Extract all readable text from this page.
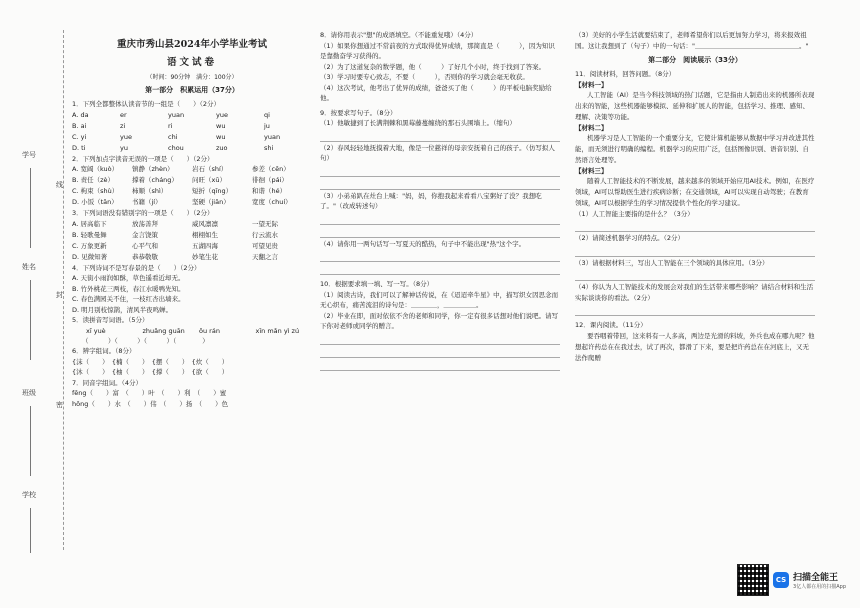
学号
姓名
班级
学校
线
封
密
重庆市秀山县2024年小学毕业考试
语文试卷
（时间：90分钟　满分：100分）
第一部分　积累运用（37分）

1．下列全都整体认读音节的一组是（　　）（2分）

A. da	er	yuan	yue	qi
B. ai	zi	ri	wu	ju
C. yi	yue	chi	wu	yuan
D. ti	yu	chou	zuo	shi

2．下列加点字读音无误的一项是（　　）（2分）

A. 宽阔（kuò）	镇静（zhèn）	岩石（shí）	参差（cēn）
B. 责任（zè）	撑着（cháng）	问旺（xū）	徘徊（pái）
C. 枸束（shù）	柿顺（shì）	短折（qīng）	和谐（hé）
D. 小饭（tān）	书籍（jí）	坚硬（jiān）	宽度（chuí）

3．下列词语没有错别字的一项是（　　）（2分）

A. 居高临下	放荡善拜	威风凛凛	一望无际
B. 轻歌曼舞	金言饶策	栩栩如生	行云流水
C. 万象更新	心平气和	五湖四海	可望见贵
D. 见微知著	恭恭敬敬	妙笔生花	天翻之言

4．下列诗词不是写春景的是（　　）（2分）

A. 天街小雨润如酥，草色遥看近却无。

B. 竹外桃花三两枝，春江水暖鸭先知。

C. 春色满园关不住，一枝红杏出墙来。

D. 明月别枝惊鹊，清风半夜鸣蝉。

5．读拼音写词语。（5分）

xī yuè	zhuǎng guān	ōu rán	xīn mǎn yì zú

（　　　）（　　　）（　　　）（　　　　）

6．辨字组词。（8分）

{沫（　　）　{楠（　　）　{摆（　　）　{炊（　　）

{沐（　　）　{柚（　　）　{撑（　　）　{欲（　　）

7．同音字组词。（4分）

fēng（　　）富　（　　）叶　（　　）利　（　　）蜜

hōng（　　）水　（　　）伟　（　　）扬　（　　）色

8．请你用表示"想"的成语填空。（不能重复哦）（4分）

（1）如果你想通过不常前夜的方式取得优异成绩，那简直是（　　　），因为知识是靠勤奋学习获得的。

（2）为了这道复杂的数学题，他（　　　）了好几个小时，终于找到了答案。

（3）学习时要专心致志，不要（　　　），否则你的学习就会毫无收获。

（4）这次考试，他考出了优异的成绩，爸爸买了他（　　　）的平板电脑奖励给他。

9．按要求写句子。（8分）

（1）他敏捷到了长满荆棘和黑莓藤蔓缠绕的那石头围墙上。（缩句）

（2）春风轻轻地抚摸着大地，像是一位慈祥的母亲安抚着自己的孩子。（仿写拟人句）

（3）小弟弟趴在灶台上喊："妈，妈，你抱我起来看看八宝粥好了没？我想吃了。"（改成转述句）

（4）请你用一两句话写一写夏天的酷热，句子中不能出现"热"这个字。

10．根据要求填一填、写一写。（8分）

（1）阅读古诗，我们可以了解神话传说，在《迢迢牵牛星》中，描写织女因思念而无心织布，痛苦流泪的诗句是：＿＿＿＿，＿＿＿＿＿。

（2）毕业在即，面对依依不舍的老师和同学，你一定有很多话想对他们说吧。请写下你对老师或同学的赠言。

（3）美好的小学生活就要结束了，老师希望你们以后更加努力学习，将来报效祖国。这让我想到了（句子）中的一句话："＿＿＿＿＿＿＿＿＿＿＿＿＿＿＿＿。"

第二部分　阅读展示（33分）

11．阅读材料，回答问题。（8分）

【材料一】
人工智能（AI）是当今科技领域的热门话题，它是指由人制造出来的机器所表现出来的智能，这些机器能够模拟、延伸和扩展人的智能，包括学习、推理、感知、理解、决策等功能。
【材料二】
机器学习是人工智能的一个重要分支，它使计算机能够从数据中学习并改进其性能，而无须进行明确的编程。机器学习的应用广泛，包括图像识别、语音识别、自然语言处理等。
【材料三】
随着人工智能技术的不断发展，越来越多的领域开始应用AI技术。例如，在医疗领域，AI可以帮助医生进行疾病诊断；在交通领域，AI可以实现自动驾驶；在教育领域，AI可以根据学生的学习情况提供个性化的学习建议。

（1）人工智能主要指的是什么？（3分）

（2）请简述机器学习的特点。（2分）

（3）请根据材料三，写出人工智能在三个领域的具体应用。（3分）

（4）你认为人工智能技术的发展会对我们的生活带来哪些影响？请结合材料和生活实际谈谈你的看法。（2分）

12．课内阅读。（11分）

要吞咽着带回，这来料有一人多高，两边是光滑的料坡，外兵也成在哪九呢？他想起许药总在在我过去，试了再次，都滑了下来，要是把许药总在在河底上，又无法作爬赠
CS 扫描全能王
3亿人都在用的扫描App
